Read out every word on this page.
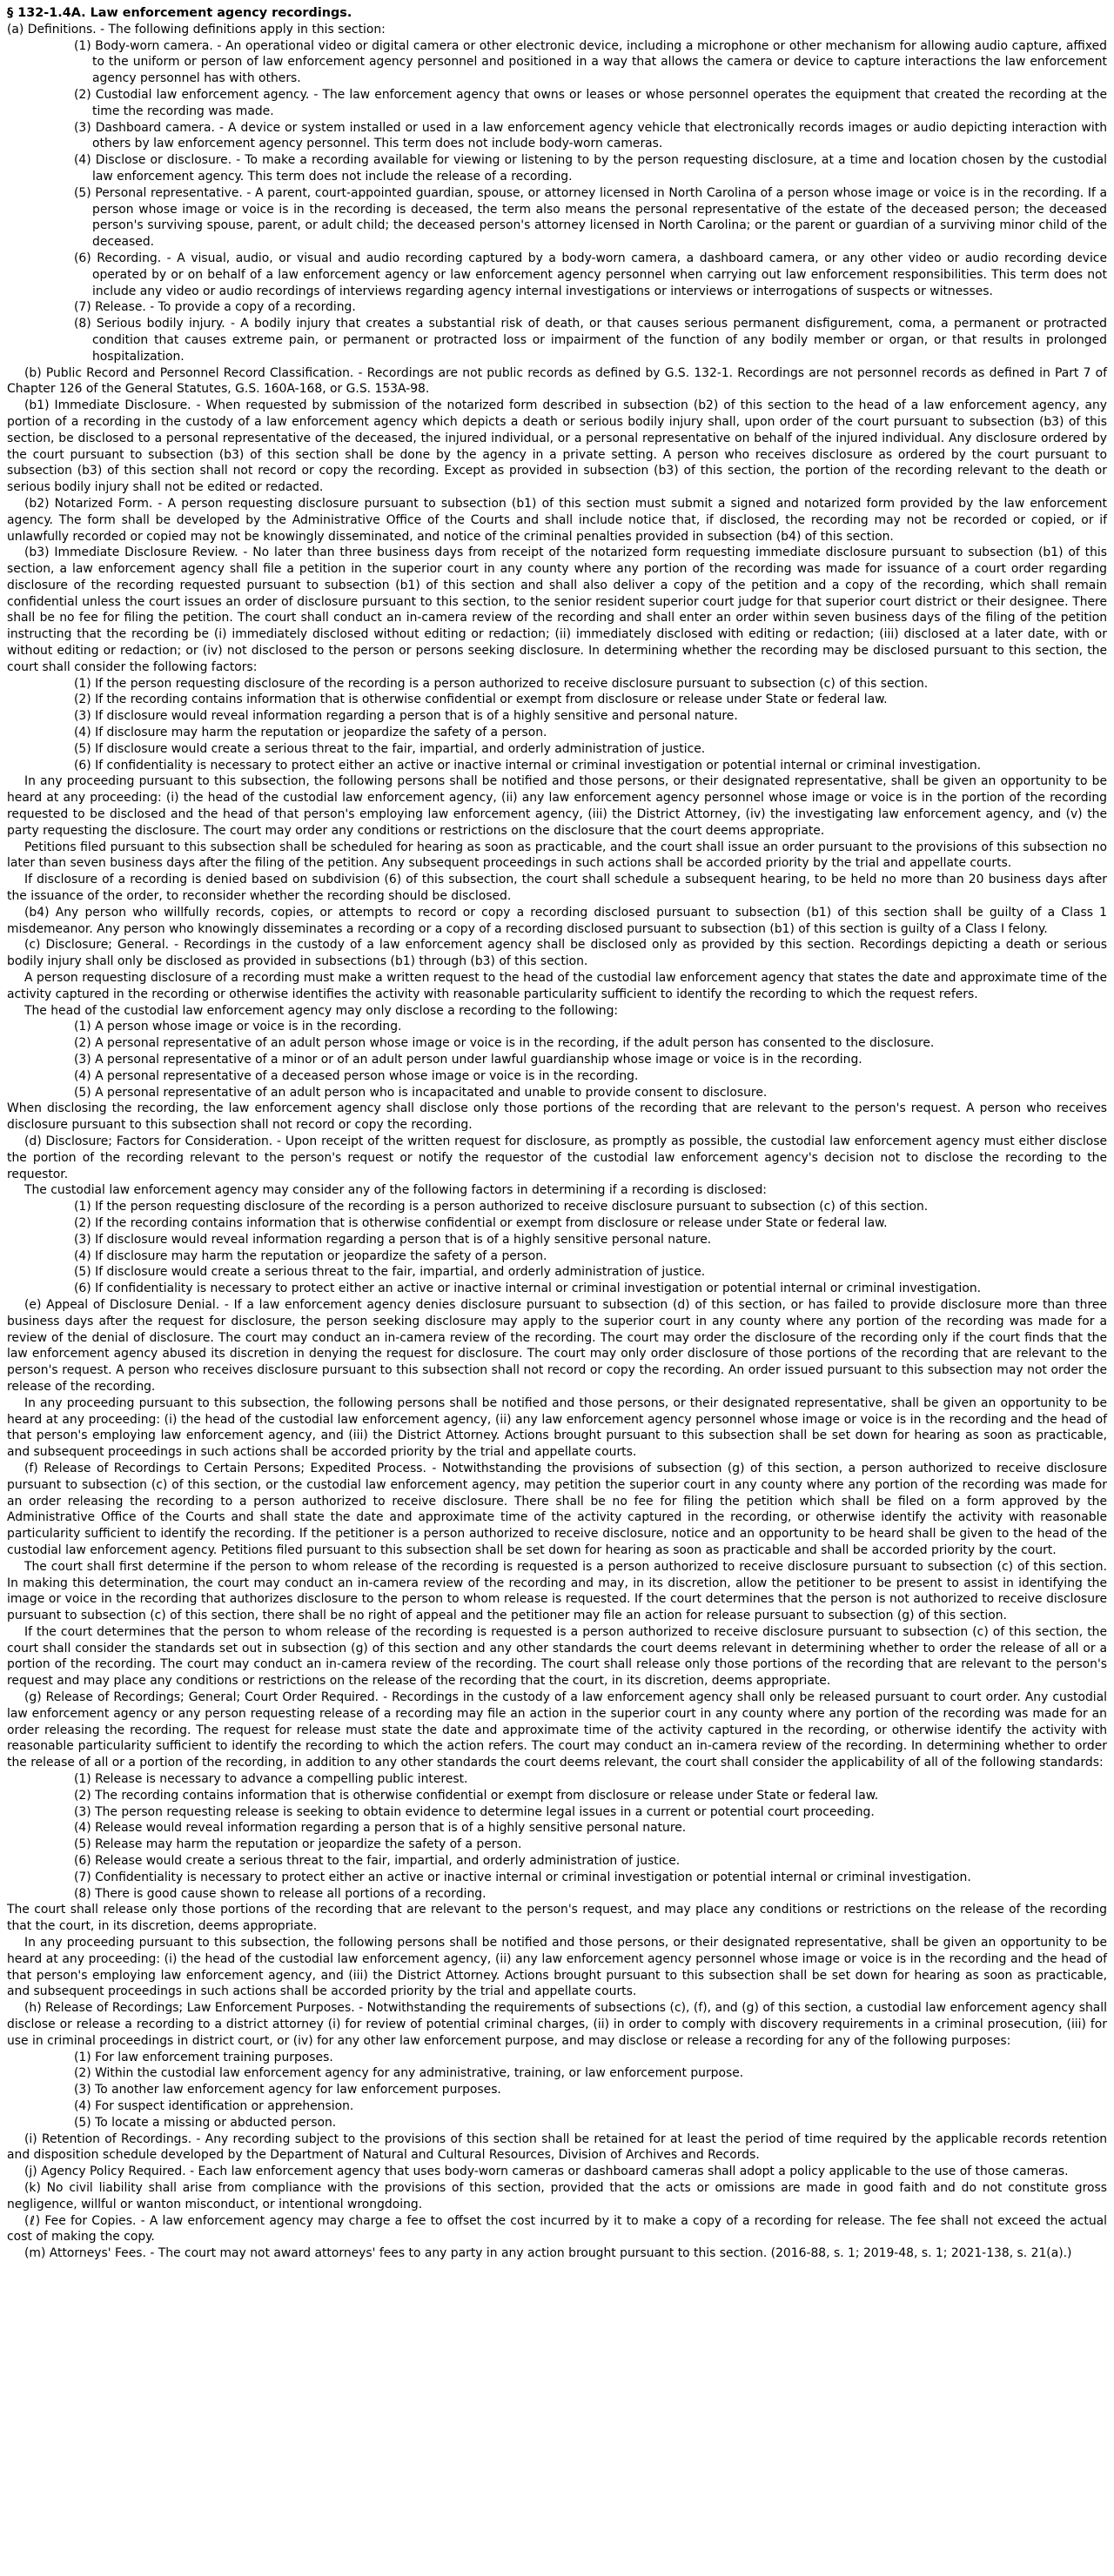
§ 132-1.4A. Law enforcement agency recordings.

(a) Definitions. - The following definitions apply in this section:

(1) Body-worn camera. - An operational video or digital camera or other electronic device, including a microphone or other mechanism for allowing audio capture, affixed to the uniform or person of law enforcement agency personnel and positioned in a way that allows the camera or device to capture interactions the law enforcement agency personnel has with others.

(2) Custodial law enforcement agency. - The law enforcement agency that owns or leases or whose personnel operates the equipment that created the recording at the time the recording was made.

(3) Dashboard camera. - A device or system installed or used in a law enforcement agency vehicle that electronically records images or audio depicting interaction with others by law enforcement agency personnel. This term does not include body-worn cameras.

(4) Disclose or disclosure. - To make a recording available for viewing or listening to by the person requesting disclosure, at a time and location chosen by the custodial law enforcement agency. This term does not include the release of a recording.

(5) Personal representative. - A parent, court-appointed guardian, spouse, or attorney licensed in North Carolina of a person whose image or voice is in the recording. If a person whose image or voice is in the recording is deceased, the term also means the personal representative of the estate of the deceased person; the deceased person's surviving spouse, parent, or adult child; the deceased person's attorney licensed in North Carolina; or the parent or guardian of a surviving minor child of the deceased.

(6) Recording. - A visual, audio, or visual and audio recording captured by a body-worn camera, a dashboard camera, or any other video or audio recording device operated by or on behalf of a law enforcement agency or law enforcement agency personnel when carrying out law enforcement responsibilities. This term does not include any video or audio recordings of interviews regarding agency internal investigations or interviews or interrogations of suspects or witnesses.

(7) Release. - To provide a copy of a recording.

(8) Serious bodily injury. - A bodily injury that creates a substantial risk of death, or that causes serious permanent disfigurement, coma, a permanent or protracted condition that causes extreme pain, or permanent or protracted loss or impairment of the function of any bodily member or organ, or that results in prolonged hospitalization.

(b) Public Record and Personnel Record Classification. - Recordings are not public records as defined by G.S. 132-1. Recordings are not personnel records as defined in Part 7 of Chapter 126 of the General Statutes, G.S. 160A-168, or G.S. 153A-98.

(b1) Immediate Disclosure. - When requested by submission of the notarized form described in subsection (b2) of this section to the head of a law enforcement agency, any portion of a recording in the custody of a law enforcement agency which depicts a death or serious bodily injury shall, upon order of the court pursuant to subsection (b3) of this section, be disclosed to a personal representative of the deceased, the injured individual, or a personal representative on behalf of the injured individual. Any disclosure ordered by the court pursuant to subsection (b3) of this section shall be done by the agency in a private setting. A person who receives disclosure as ordered by the court pursuant to subsection (b3) of this section shall not record or copy the recording. Except as provided in subsection (b3) of this section, the portion of the recording relevant to the death or serious bodily injury shall not be edited or redacted.

(b2) Notarized Form. - A person requesting disclosure pursuant to subsection (b1) of this section must submit a signed and notarized form provided by the law enforcement agency. The form shall be developed by the Administrative Office of the Courts and shall include notice that, if disclosed, the recording may not be recorded or copied, or if unlawfully recorded or copied may not be knowingly disseminated, and notice of the criminal penalties provided in subsection (b4) of this section.

(b3) Immediate Disclosure Review. - No later than three business days from receipt of the notarized form requesting immediate disclosure pursuant to subsection (b1) of this section, a law enforcement agency shall file a petition in the superior court in any county where any portion of the recording was made for issuance of a court order regarding disclosure of the recording requested pursuant to subsection (b1) of this section and shall also deliver a copy of the petition and a copy of the recording, which shall remain confidential unless the court issues an order of disclosure pursuant to this section, to the senior resident superior court judge for that superior court district or their designee. There shall be no fee for filing the petition. The court shall conduct an in-camera review of the recording and shall enter an order within seven business days of the filing of the petition instructing that the recording be (i) immediately disclosed without editing or redaction; (ii) immediately disclosed with editing or redaction; (iii) disclosed at a later date, with or without editing or redaction; or (iv) not disclosed to the person or persons seeking disclosure. In determining whether the recording may be disclosed pursuant to this section, the court shall consider the following factors:

(1) If the person requesting disclosure of the recording is a person authorized to receive disclosure pursuant to subsection (c) of this section.

(2) If the recording contains information that is otherwise confidential or exempt from disclosure or release under State or federal law.

(3) If disclosure would reveal information regarding a person that is of a highly sensitive and personal nature.

(4) If disclosure may harm the reputation or jeopardize the safety of a person.

(5) If disclosure would create a serious threat to the fair, impartial, and orderly administration of justice.

(6) If confidentiality is necessary to protect either an active or inactive internal or criminal investigation or potential internal or criminal investigation.

In any proceeding pursuant to this subsection, the following persons shall be notified and those persons, or their designated representative, shall be given an opportunity to be heard at any proceeding: (i) the head of the custodial law enforcement agency, (ii) any law enforcement agency personnel whose image or voice is in the portion of the recording requested to be disclosed and the head of that person's employing law enforcement agency, (iii) the District Attorney, (iv) the investigating law enforcement agency, and (v) the party requesting the disclosure. The court may order any conditions or restrictions on the disclosure that the court deems appropriate.

Petitions filed pursuant to this subsection shall be scheduled for hearing as soon as practicable, and the court shall issue an order pursuant to the provisions of this subsection no later than seven business days after the filing of the petition. Any subsequent proceedings in such actions shall be accorded priority by the trial and appellate courts.

If disclosure of a recording is denied based on subdivision (6) of this subsection, the court shall schedule a subsequent hearing, to be held no more than 20 business days after the issuance of the order, to reconsider whether the recording should be disclosed.

(b4) Any person who willfully records, copies, or attempts to record or copy a recording disclosed pursuant to subsection (b1) of this section shall be guilty of a Class 1 misdemeanor. Any person who knowingly disseminates a recording or a copy of a recording disclosed pursuant to subsection (b1) of this section is guilty of a Class I felony.

(c) Disclosure; General. - Recordings in the custody of a law enforcement agency shall be disclosed only as provided by this section. Recordings depicting a death or serious bodily injury shall only be disclosed as provided in subsections (b1) through (b3) of this section.

A person requesting disclosure of a recording must make a written request to the head of the custodial law enforcement agency that states the date and approximate time of the activity captured in the recording or otherwise identifies the activity with reasonable particularity sufficient to identify the recording to which the request refers.

The head of the custodial law enforcement agency may only disclose a recording to the following:

(1) A person whose image or voice is in the recording.

(2) A personal representative of an adult person whose image or voice is in the recording, if the adult person has consented to the disclosure.

(3) A personal representative of a minor or of an adult person under lawful guardianship whose image or voice is in the recording.

(4) A personal representative of a deceased person whose image or voice is in the recording.

(5) A personal representative of an adult person who is incapacitated and unable to provide consent to disclosure.

When disclosing the recording, the law enforcement agency shall disclose only those portions of the recording that are relevant to the person's request. A person who receives disclosure pursuant to this subsection shall not record or copy the recording.

(d) Disclosure; Factors for Consideration. - Upon receipt of the written request for disclosure, as promptly as possible, the custodial law enforcement agency must either disclose the portion of the recording relevant to the person's request or notify the requestor of the custodial law enforcement agency's decision not to disclose the recording to the requestor.

The custodial law enforcement agency may consider any of the following factors in determining if a recording is disclosed:

(1) If the person requesting disclosure of the recording is a person authorized to receive disclosure pursuant to subsection (c) of this section.

(2) If the recording contains information that is otherwise confidential or exempt from disclosure or release under State or federal law.

(3) If disclosure would reveal information regarding a person that is of a highly sensitive personal nature.

(4) If disclosure may harm the reputation or jeopardize the safety of a person.

(5) If disclosure would create a serious threat to the fair, impartial, and orderly administration of justice.

(6) If confidentiality is necessary to protect either an active or inactive internal or criminal investigation or potential internal or criminal investigation.

(e) Appeal of Disclosure Denial. - If a law enforcement agency denies disclosure pursuant to subsection (d) of this section, or has failed to provide disclosure more than three business days after the request for disclosure, the person seeking disclosure may apply to the superior court in any county where any portion of the recording was made for a review of the denial of disclosure. The court may conduct an in-camera review of the recording. The court may order the disclosure of the recording only if the court finds that the law enforcement agency abused its discretion in denying the request for disclosure. The court may only order disclosure of those portions of the recording that are relevant to the person's request. A person who receives disclosure pursuant to this subsection shall not record or copy the recording. An order issued pursuant to this subsection may not order the release of the recording.

In any proceeding pursuant to this subsection, the following persons shall be notified and those persons, or their designated representative, shall be given an opportunity to be heard at any proceeding: (i) the head of the custodial law enforcement agency, (ii) any law enforcement agency personnel whose image or voice is in the recording and the head of that person's employing law enforcement agency, and (iii) the District Attorney. Actions brought pursuant to this subsection shall be set down for hearing as soon as practicable, and subsequent proceedings in such actions shall be accorded priority by the trial and appellate courts.

(f) Release of Recordings to Certain Persons; Expedited Process. - Notwithstanding the provisions of subsection (g) of this section, a person authorized to receive disclosure pursuant to subsection (c) of this section, or the custodial law enforcement agency, may petition the superior court in any county where any portion of the recording was made for an order releasing the recording to a person authorized to receive disclosure. There shall be no fee for filing the petition which shall be filed on a form approved by the Administrative Office of the Courts and shall state the date and approximate time of the activity captured in the recording, or otherwise identify the activity with reasonable particularity sufficient to identify the recording. If the petitioner is a person authorized to receive disclosure, notice and an opportunity to be heard shall be given to the head of the custodial law enforcement agency. Petitions filed pursuant to this subsection shall be set down for hearing as soon as practicable and shall be accorded priority by the court.

The court shall first determine if the person to whom release of the recording is requested is a person authorized to receive disclosure pursuant to subsection (c) of this section. In making this determination, the court may conduct an in-camera review of the recording and may, in its discretion, allow the petitioner to be present to assist in identifying the image or voice in the recording that authorizes disclosure to the person to whom release is requested. If the court determines that the person is not authorized to receive disclosure pursuant to subsection (c) of this section, there shall be no right of appeal and the petitioner may file an action for release pursuant to subsection (g) of this section.

If the court determines that the person to whom release of the recording is requested is a person authorized to receive disclosure pursuant to subsection (c) of this section, the court shall consider the standards set out in subsection (g) of this section and any other standards the court deems relevant in determining whether to order the release of all or a portion of the recording. The court may conduct an in-camera review of the recording. The court shall release only those portions of the recording that are relevant to the person's request and may place any conditions or restrictions on the release of the recording that the court, in its discretion, deems appropriate.

(g) Release of Recordings; General; Court Order Required. - Recordings in the custody of a law enforcement agency shall only be released pursuant to court order. Any custodial law enforcement agency or any person requesting release of a recording may file an action in the superior court in any county where any portion of the recording was made for an order releasing the recording. The request for release must state the date and approximate time of the activity captured in the recording, or otherwise identify the activity with reasonable particularity sufficient to identify the recording to which the action refers. The court may conduct an in-camera review of the recording. In determining whether to order the release of all or a portion of the recording, in addition to any other standards the court deems relevant, the court shall consider the applicability of all of the following standards:

(1) Release is necessary to advance a compelling public interest.

(2) The recording contains information that is otherwise confidential or exempt from disclosure or release under State or federal law.

(3) The person requesting release is seeking to obtain evidence to determine legal issues in a current or potential court proceeding.

(4) Release would reveal information regarding a person that is of a highly sensitive personal nature.

(5) Release may harm the reputation or jeopardize the safety of a person.

(6) Release would create a serious threat to the fair, impartial, and orderly administration of justice.

(7) Confidentiality is necessary to protect either an active or inactive internal or criminal investigation or potential internal or criminal investigation.

(8) There is good cause shown to release all portions of a recording.

The court shall release only those portions of the recording that are relevant to the person's request, and may place any conditions or restrictions on the release of the recording that the court, in its discretion, deems appropriate.

In any proceeding pursuant to this subsection, the following persons shall be notified and those persons, or their designated representative, shall be given an opportunity to be heard at any proceeding: (i) the head of the custodial law enforcement agency, (ii) any law enforcement agency personnel whose image or voice is in the recording and the head of that person's employing law enforcement agency, and (iii) the District Attorney. Actions brought pursuant to this subsection shall be set down for hearing as soon as practicable, and subsequent proceedings in such actions shall be accorded priority by the trial and appellate courts.

(h) Release of Recordings; Law Enforcement Purposes. - Notwithstanding the requirements of subsections (c), (f), and (g) of this section, a custodial law enforcement agency shall disclose or release a recording to a district attorney (i) for review of potential criminal charges, (ii) in order to comply with discovery requirements in a criminal prosecution, (iii) for use in criminal proceedings in district court, or (iv) for any other law enforcement purpose, and may disclose or release a recording for any of the following purposes:

(1) For law enforcement training purposes.

(2) Within the custodial law enforcement agency for any administrative, training, or law enforcement purpose.

(3) To another law enforcement agency for law enforcement purposes.

(4) For suspect identification or apprehension.

(5) To locate a missing or abducted person.

(i) Retention of Recordings. - Any recording subject to the provisions of this section shall be retained for at least the period of time required by the applicable records retention and disposition schedule developed by the Department of Natural and Cultural Resources, Division of Archives and Records.

(j) Agency Policy Required. - Each law enforcement agency that uses body-worn cameras or dashboard cameras shall adopt a policy applicable to the use of those cameras.

(k) No civil liability shall arise from compliance with the provisions of this section, provided that the acts or omissions are made in good faith and do not constitute gross negligence, willful or wanton misconduct, or intentional wrongdoing.

(ℓ) Fee for Copies. - A law enforcement agency may charge a fee to offset the cost incurred by it to make a copy of a recording for release. The fee shall not exceed the actual cost of making the copy.

(m) Attorneys' Fees. - The court may not award attorneys' fees to any party in any action brought pursuant to this section. (2016-88, s. 1; 2019-48, s. 1; 2021-138, s. 21(a).)
